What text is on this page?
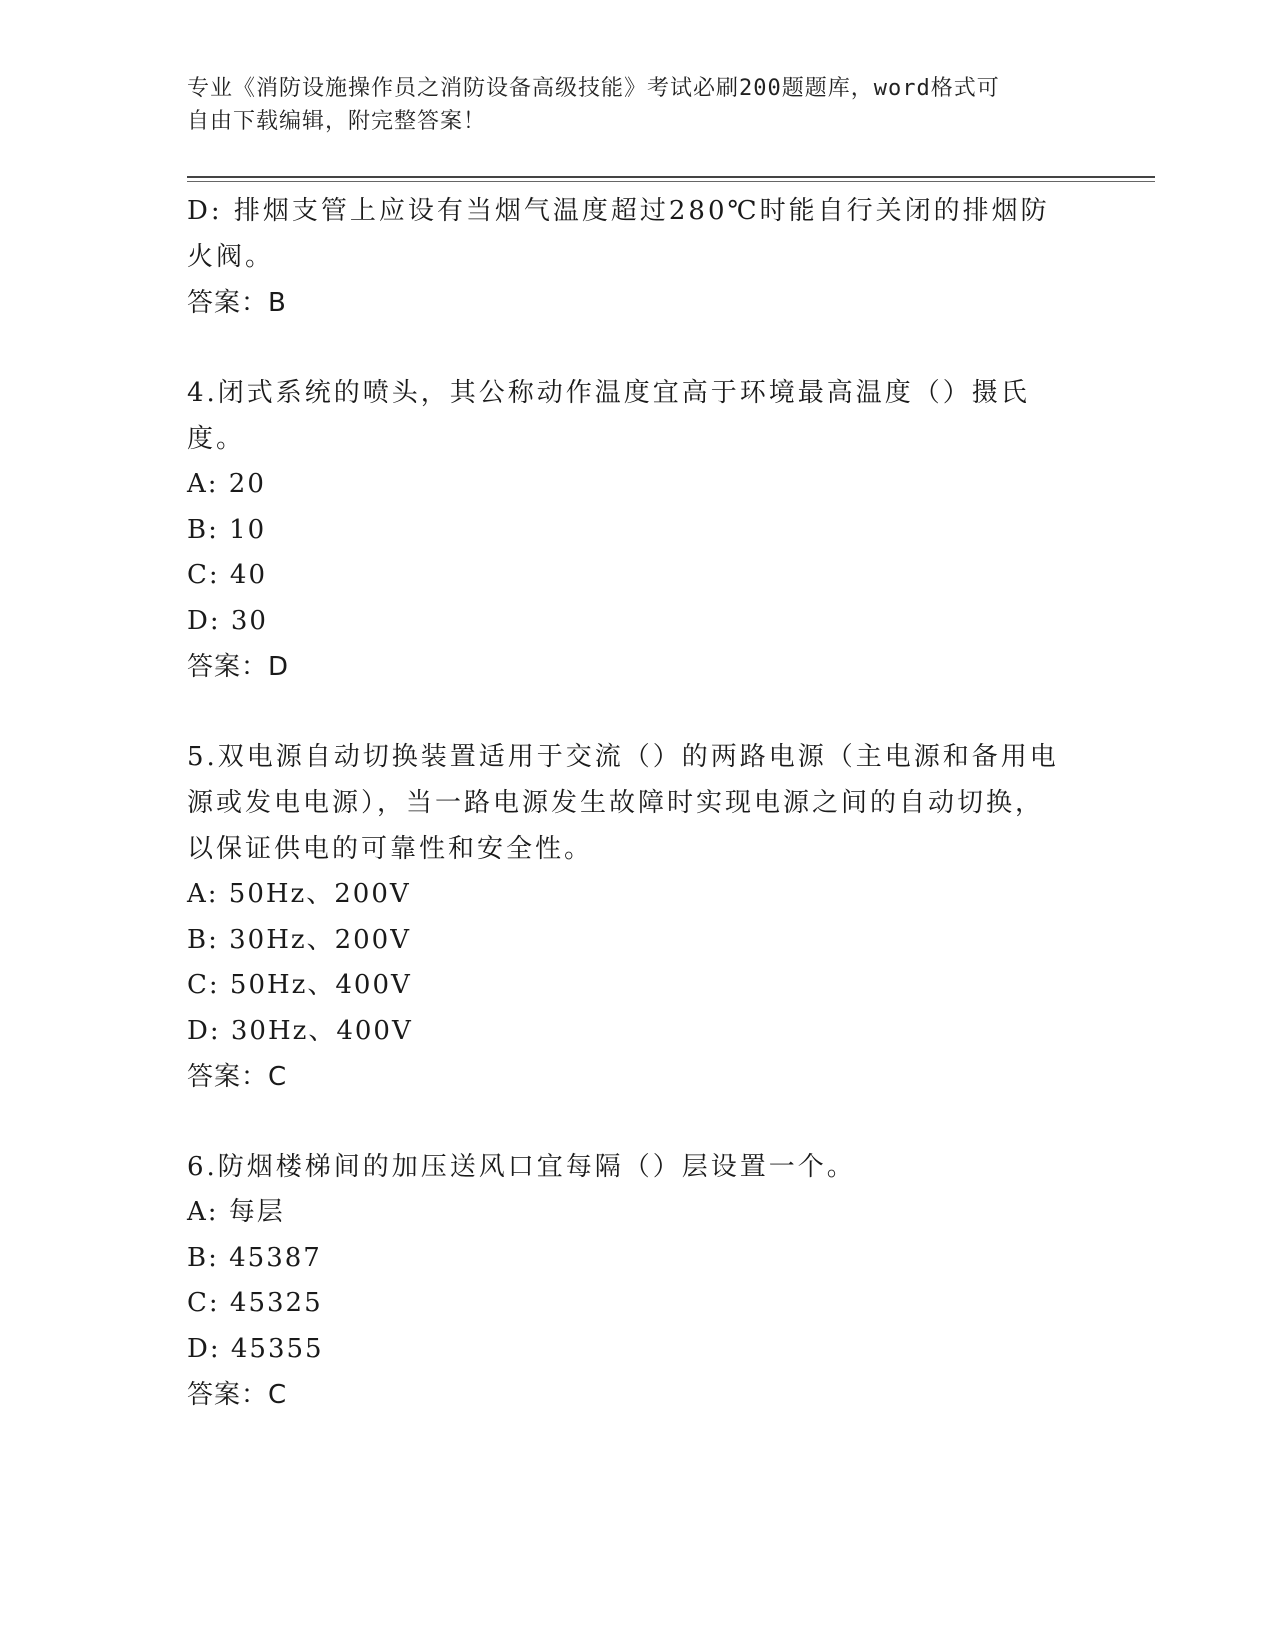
专业《消防设施操作员之消防设备高级技能》考试必刷200题题库，word格式可
自由下载编辑，附完整答案！
D: 排烟支管上应设有当烟气温度超过280℃时能自行关闭的排烟防火阀。
答案：B
4.闭式系统的喷头，其公称动作温度宜高于环境最高温度（）摄氏度。
A: 20
B: 10
C: 40
D: 30
答案：D
5.双电源自动切换装置适用于交流（）的两路电源（主电源和备用电源或发电电源），当一路电源发生故障时实现电源之间的自动切换，以保证供电的可靠性和安全性。
A: 50Hz、200V
B: 30Hz、200V
C: 50Hz、400V
D: 30Hz、400V
答案：C
6.防烟楼梯间的加压送风口宜每隔（）层设置一个。
A: 每层
B: 45387
C: 45325
D: 45355
答案：C
